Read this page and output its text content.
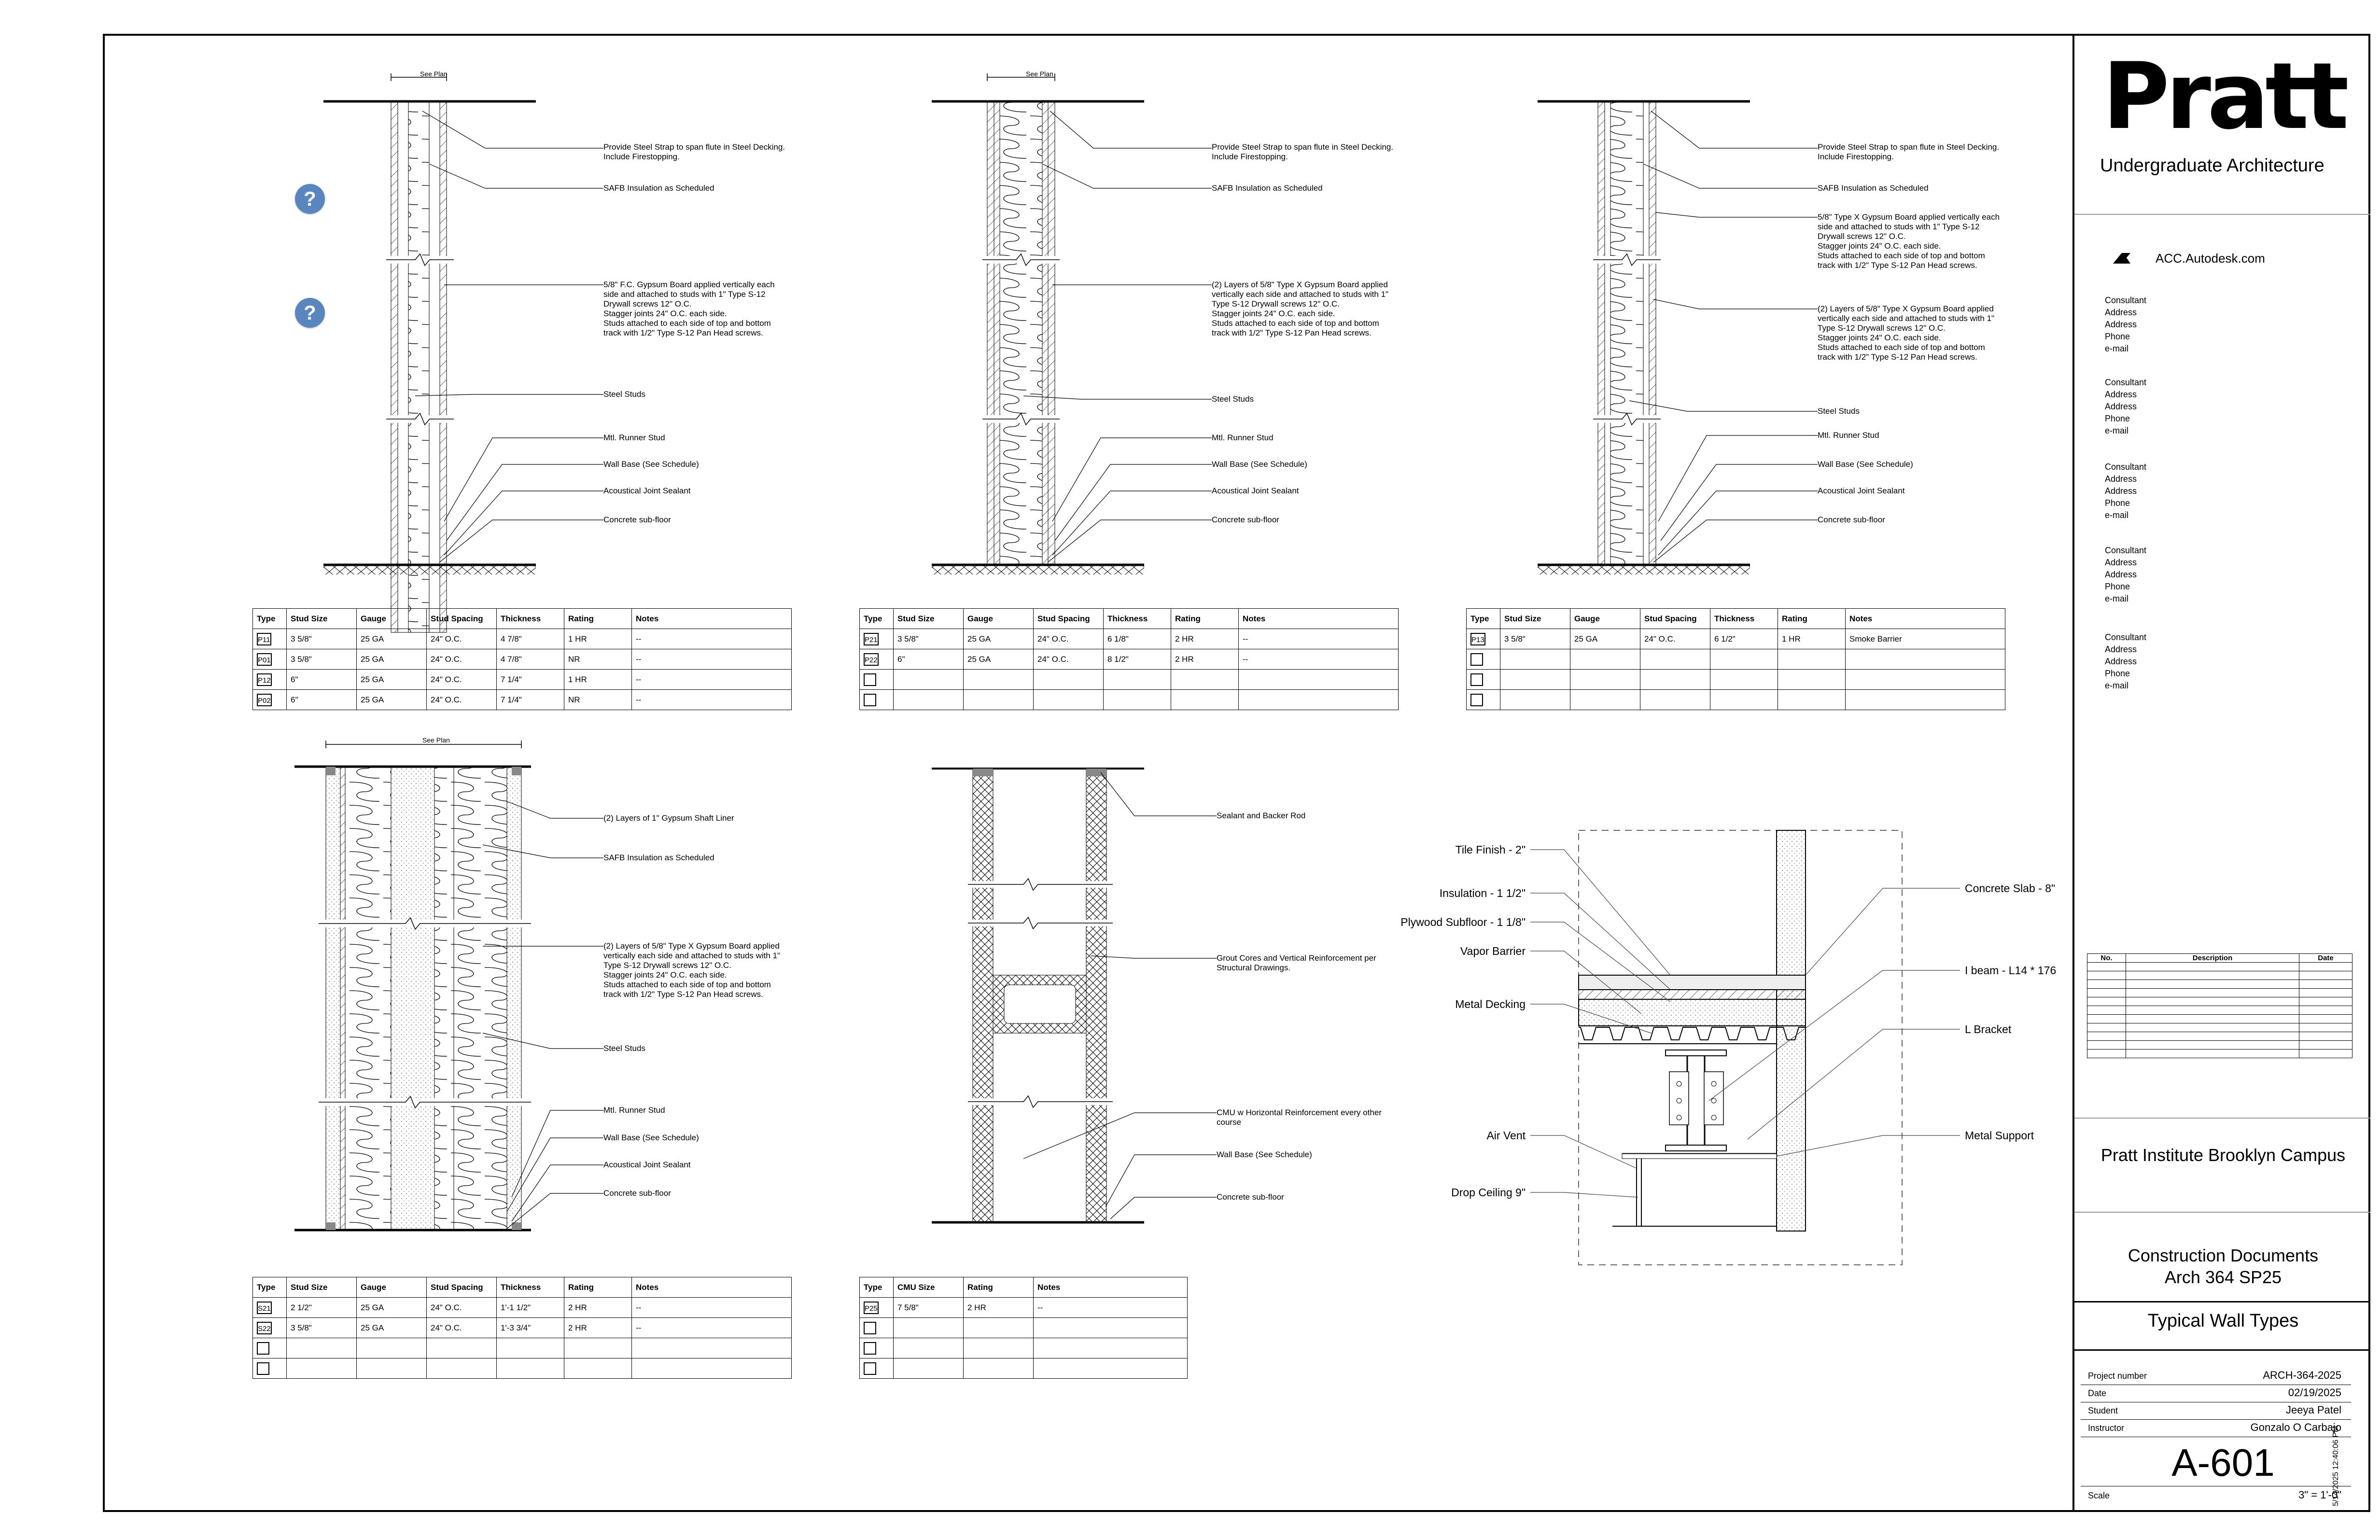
?
?
See Plan
Provide Steel Strap to span flute in Steel Decking. Include Firestopping.
SAFB Insulation as Scheduled
5/8" F.C. Gypsum Board applied vertically each side and attached to studs with 1" Type S-12 Drywall screws 12" O.C.
Stagger joints 24" O.C. each side.
Studs attached to each side of top and bottom track with 1/2" Type S-12 Pan Head screws.
Steel Studs
Mtl. Runner Stud
Wall Base (See Schedule)
Acoustical Joint Sealant
Concrete sub-floor
See Plan
Provide Steel Strap to span flute in Steel Decking. Include Firestopping.
SAFB Insulation as Scheduled
(2) Layers of 5/8" Type X Gypsum Board applied vertically each side and attached to studs with 1" Type S-12 Drywall screws 12" O.C.
Stagger joints 24" O.C. each side.
Studs attached to each side of top and bottom track with 1/2" Type S-12 Pan Head screws.
Steel Studs
Mtl. Runner Stud
Wall Base (See Schedule)
Acoustical Joint Sealant
Concrete sub-floor
Provide Steel Strap to span flute in Steel Decking. Include Firestopping.
SAFB Insulation as Scheduled
5/8" Type X Gypsum Board applied vertically each side and attached to studs with 1" Type S-12 Drywall screws 12" O.C.
Stagger joints 24" O.C. each side.
Studs attached to each side of top and bottom track with 1/2" Type S-12 Pan Head screws.
(2) Layers of 5/8" Type X Gypsum Board applied vertically each side and attached to studs with 1" Type S-12 Drywall screws 12" O.C.
Stagger joints 24" O.C. each side.
Studs attached to each side of top and bottom track with 1/2" Type S-12 Pan Head screws.
Steel Studs
Mtl. Runner Stud
Wall Base (See Schedule)
Acoustical Joint Sealant
Concrete sub-floor
See Plan
(2) Layers of 1" Gypsum Shaft Liner
SAFB Insulation as Scheduled
(2) Layers of 5/8" Type X Gypsum Board applied vertically each side and attached to studs with 1" Type S-12 Drywall screws 12" O.C.
Stagger joints 24" O.C. each side.
Studs attached to each side of top and bottom track with 1/2" Type S-12 Pan Head screws.
Steel Studs
Mtl. Runner Stud
Wall Base (See Schedule)
Acoustical Joint Sealant
Concrete sub-floor
Sealant and Backer Rod
Grout Cores and Vertical Reinforcement per Structural Drawings.
CMU w Horizontal Reinforcement every other course
Wall Base (See Schedule)
Concrete sub-floor
Tile Finish - 2"
Insulation - 1 1/2"
Plywood Subfloor - 1 1/8"
Vapor Barrier
Metal Decking
Air Vent
Drop Ceiling 9"
Concrete Slab - 8"
I beam - L14 * 176
L Bracket
Metal Support
Type	Stud Size	Gauge	Stud Spacing	Thickness	Rating	Notes
P11	3 5/8"	25 GA	24" O.C.	4 7/8"	1 HR	--
P01	3 5/8"	25 GA	24" O.C.	4 7/8"	NR	--
P12	6"	25 GA	24" O.C.	7 1/4"	1 HR	--
P02	6"	25 GA	24" O.C.	7 1/4"	NR	--
Type	Stud Size	Gauge	Stud Spacing	Thickness	Rating	Notes
P21	3 5/8"	25 GA	24" O.C.	6 1/8"	2 HR	--
P22	6"	25 GA	24" O.C.	8 1/2"	2 HR	--

Type	Stud Size	Gauge	Stud Spacing	Thickness	Rating	Notes
P13	3 5/8"	25 GA	24" O.C.	6 1/2"	1 HR	Smoke Barrier

Type	Stud Size	Gauge	Stud Spacing	Thickness	Rating	Notes
S21	2 1/2"	25 GA	24" O.C.	1'-1 1/2"	2 HR	--
S22	3 5/8"	25 GA	24" O.C.	1'-3 3/4"	2 HR	--

Type	CMU Size	Rating	Notes
P25	7 5/8"	2 HR	--

Pratt
Undergraduate Architecture
ACC.Autodesk.com
Consultant
Address
Address
Phone
e-mail
Consultant
Address
Address
Phone
e-mail
Consultant
Address
Address
Phone
e-mail
Consultant
Address
Address
Phone
e-mail
Consultant
Address
Address
Phone
e-mail
No.	Description	Date

Pratt Institute Brooklyn Campus
Construction Documents
Arch 364 SP25
Typical Wall Types
Project number	ARCH-364-2025
Date	02/19/2025
Student	Jeeya Patel
Instructor	Gonzalo O Carbajo
A-601
Scale	3" = 1'-0"
5/14/2025 12:40:06 PM
